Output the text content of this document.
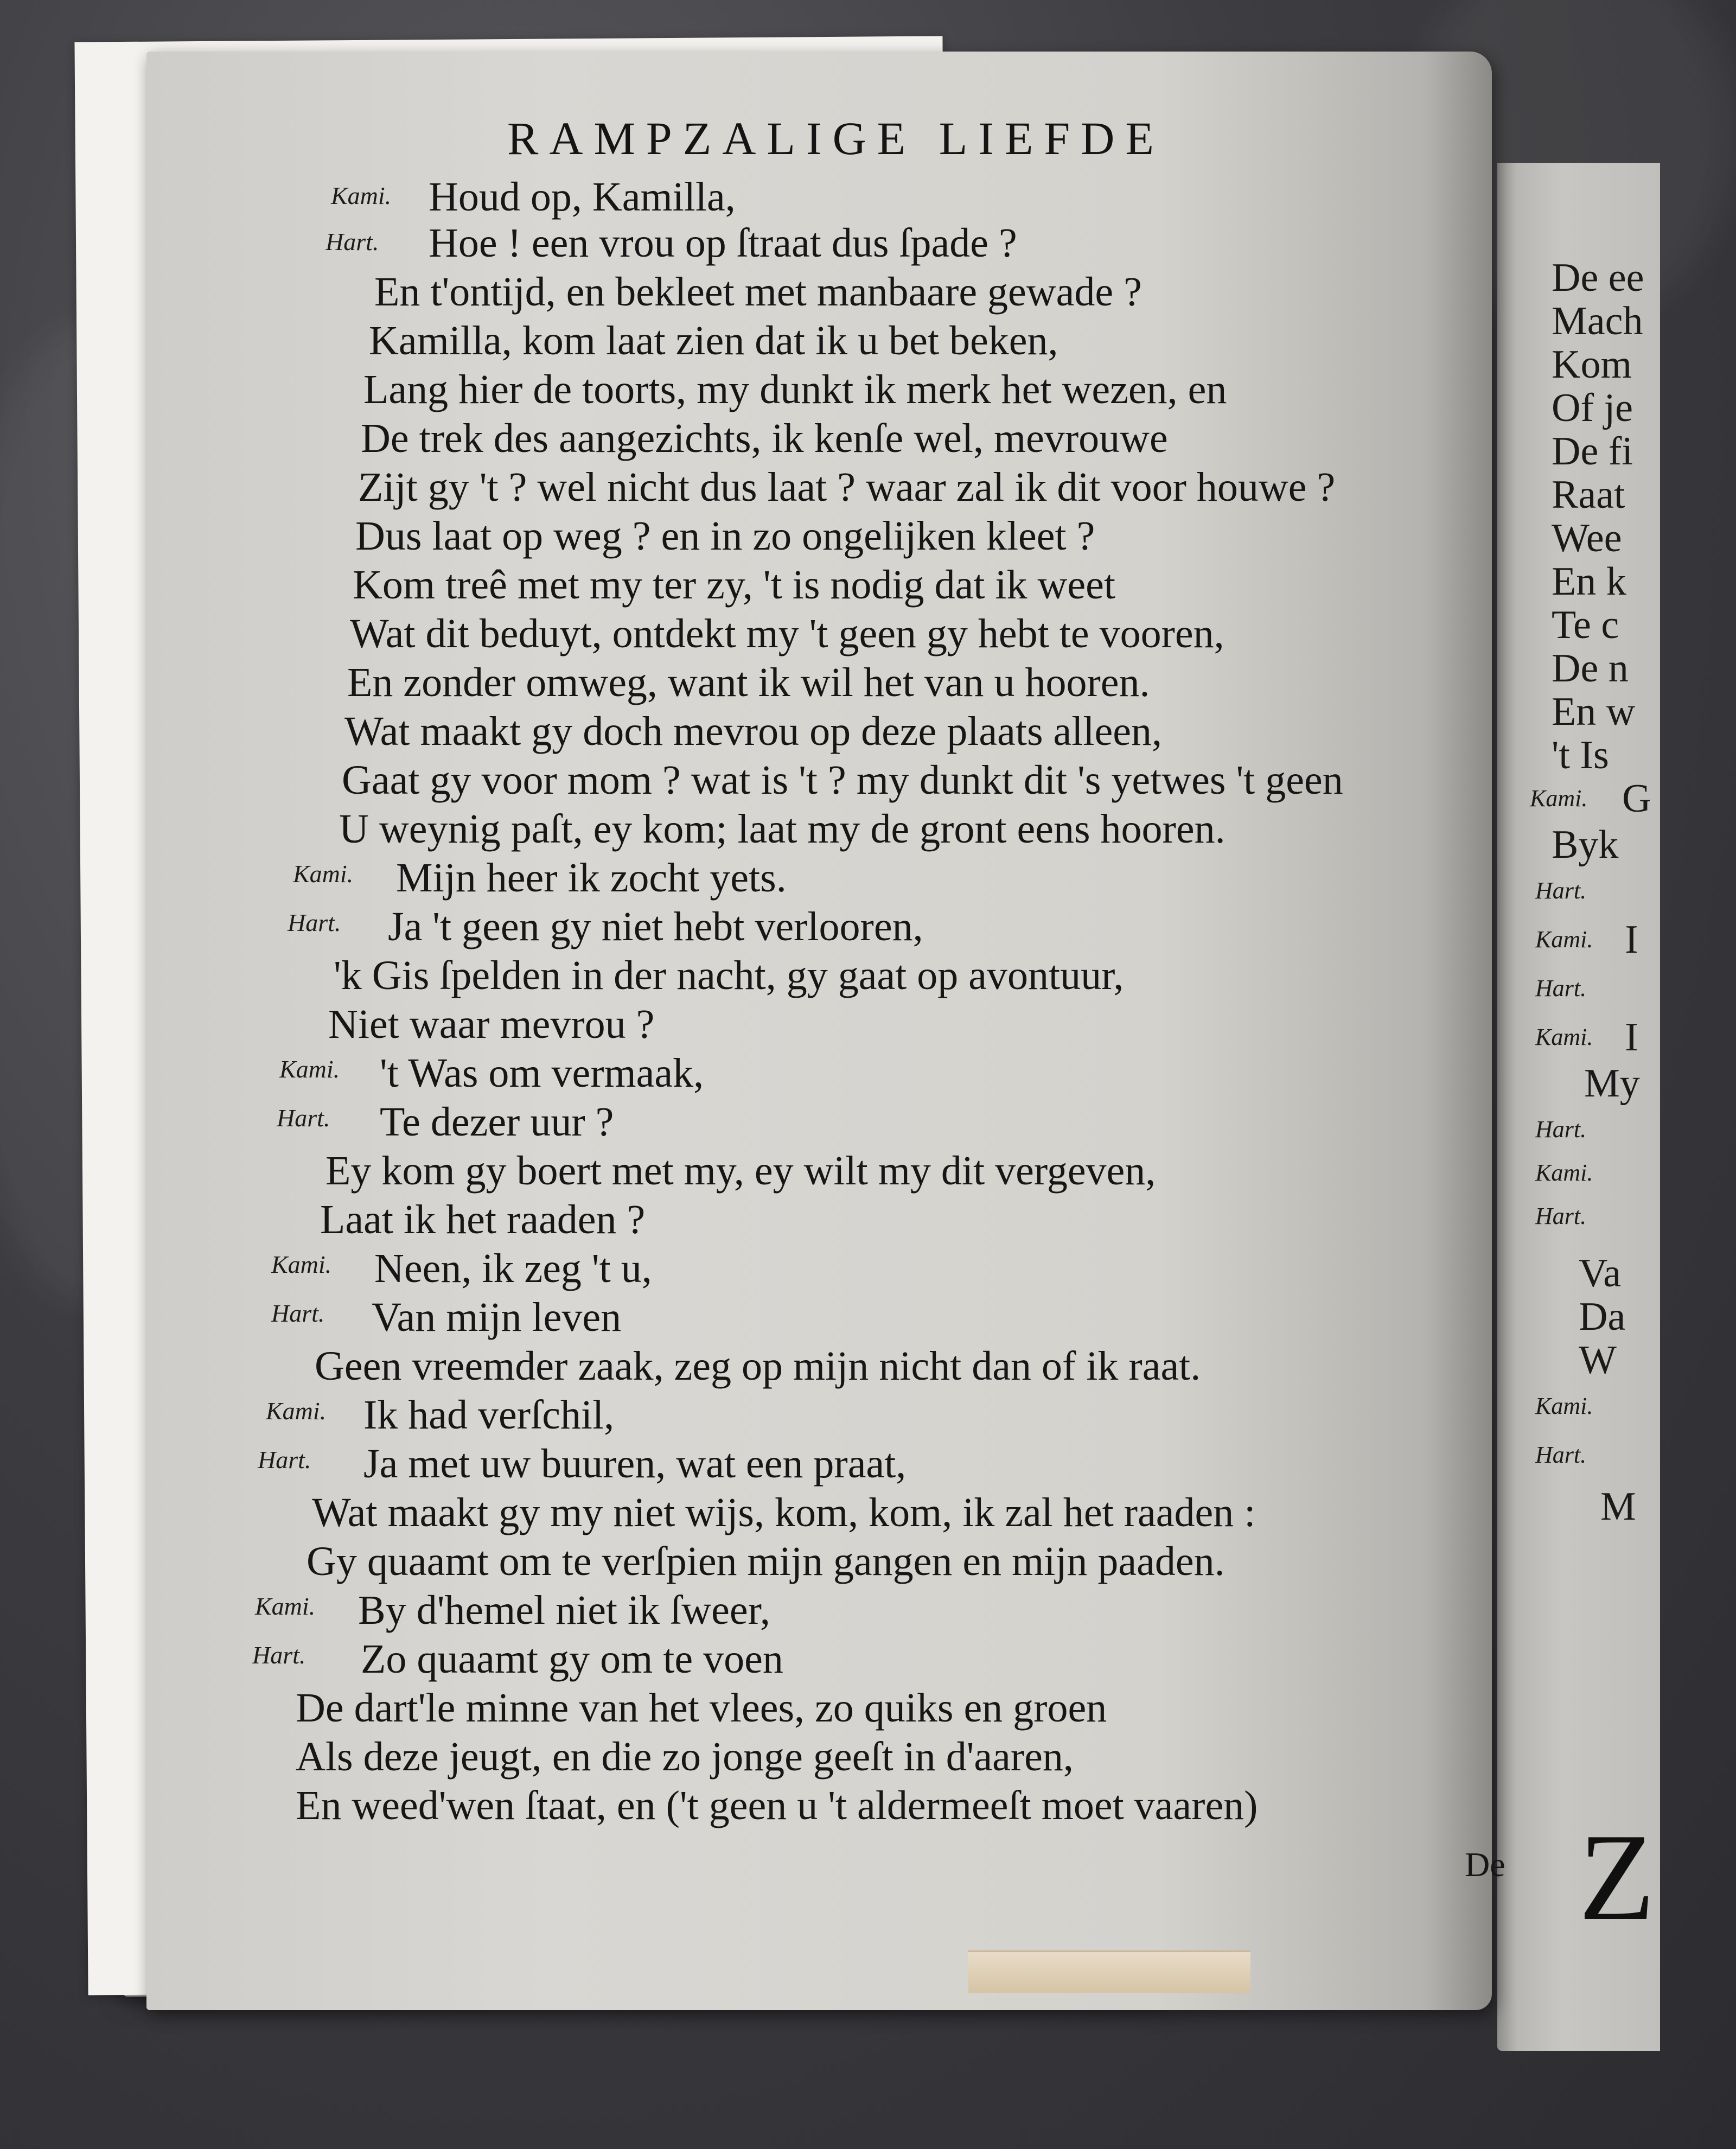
RAMPZALIGE LIEFDE
Kami. Houd op, Kamilla,
Hart. Hoe ! een vrou op ſtraat dus ſpade ?
En t'ontijd, en bekleet met manbaare gewade ?
Kamilla, kom laat zien dat ik u bet beken,
Lang hier de toorts, my dunkt ik merk het wezen, en
De trek des aangezichts, ik kenſe wel, mevrouwe
Zijt gy 't ? wel nicht dus laat ? waar zal ik dit voor houwe ?
Dus laat op weg ? en in zo ongelijken kleet ?
Kom treê met my ter zy, 't is nodig dat ik weet
Wat dit beduyt, ontdekt my 't geen gy hebt te vooren,
En zonder omweg, want ik wil het van u hooren.
Wat maakt gy doch mevrou op deze plaats alleen,
Gaat gy voor mom ? wat is 't ? my dunkt dit 's yetwes 't geen
U weynig paſt, ey kom; laat my de gront eens hooren.
Kami. Mijn heer ik zocht yets.
Hart. Ja 't geen gy niet hebt verlooren,
'k Gis ſpelden in der nacht, gy gaat op avontuur,
Niet waar mevrou ?
Kami. 't Was om vermaak,
Hart. Te dezer uur ?
Ey kom gy boert met my, ey wilt my dit vergeven,
Laat ik het raaden ?
Kami. Neen, ik zeg 't u,
Hart. Van mijn leven
Geen vreemder zaak, zeg op mijn nicht dan of ik raat.
Kami. Ik had verſchil,
Hart. Ja met uw buuren, wat een praat,
Wat maakt gy my niet wijs, kom, kom, ik zal het raaden :
Gy quaamt om te verſpien mijn gangen en mijn paaden.
Kami. By d'hemel niet ik ſweer,
Hart. Zo quaamt gy om te voen
De dart'le minne van het vlees, zo quiks en groen
Als deze jeugt, en die zo jonge geeſt in d'aaren,
En weed'wen ſtaat, en ('t geen u 't aldermeeſt moet vaaren)
De
De ee
Mach
Kom
Of je
De fi
Raat
Wee
En k
Te c
De n
En w
't Is
Kami. G
Byk
Hart.
Kami. I
Hart.
Kami. I
My
Hart.
Kami.
Hart.
Va
Da
W
Kami.
Hart.
M
Z
